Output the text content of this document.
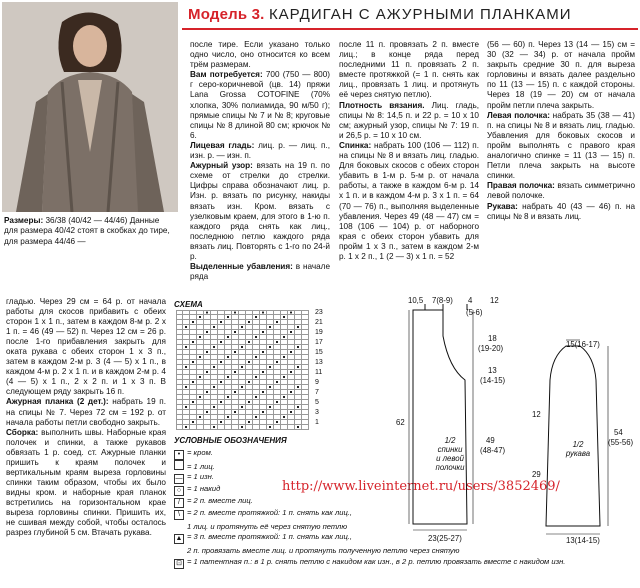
Модель 3. КАРДИГАН С АЖУРНЫМИ ПЛАНКАМИ
Размеры: 36/38 (40/42 — 44/46) Данные для размера 40/42 стоят в скобках до тире, для размера 44/46 —

после тире. Если указано только одно число, оно относится ко всем трём размерам.

Вам потребуется: 700 (750 — 800) г серо-коричневой (цв. 14) пряжи Lana Grossa COTOFINE (70% хлопка, 30% полиамида, 90 м/50 г); прямые спицы № 7 и № 8; круговые спицы № 8 длиной 80 см; крючок № 6.

Лицевая гладь: лиц. р. — лиц. п., изн. р. — изн. п.

Ажурный узор: вязать на 19 п. по схеме от стрелки до стрелки. Цифры справа обозначают лиц. р. Изн. р. вязать по рисунку, накиды вязать изн. Кром. вязать с узелковым краем, для этого в 1-ю п. каждого ряда снять как лиц., последнюю петлю каждого ряда вязать лиц. Повторять с 1-го по 24-й р.

Выделенные убавления: в начале ряда

после 11 п. провязать 2 п. вместе лиц.; в конце ряда перед последними 11 п. провязать 2 п. вместе протяжкой (= 1 п. снять как лиц., провязать 1 лиц. и протянуть её через снятую петлю).

Плотность вязания. Лиц. гладь, спицы № 8: 14,5 п. и 22 р. = 10 х 10 см; ажурный узор, спицы № 7: 19 п. и 26,5 р. = 10 х 10 см.

Спинка: набрать 100 (106 — 112) п. на спицы № 8 и вязать лиц. гладью. Для боковых скосов с обеих сторон убавить в 1-м р. 5-м р. от начала работы, а также в каждом 6-м р. 14 х 1 п. и в каждом 4-м р. 3 х 1 п. = 64 (70 — 76) п., выполняя выделенные убавления. Через 49 (48 — 47) см = 108 (106 — 104) р. от наборного края с обеих сторон убавить для пройм 1 х 3 п., затем в каждом 2-м р. 1 х 2 п., 1 (2 — 3) х 1 п. = 52

(56 — 60) п. Через 13 (14 — 15) см = 30 (32 — 34) р. от начала пройм закрыть средние 30 п. для выреза горловины и вязать далее раздельно по 11 (13 — 15) п. с каждой стороны. Через 18 (19 — 20) см от начала пройм петли плеча закрыть.

Левая полочка: набрать 35 (38 — 41) п. на спицы № 8 и вязать лиц. гладью. Убавления для боковых скосов и пройм выполнять с правого края аналогично спинке = 11 (13 — 15) п. Петли плеча закрыть на высоте спинки.

Правая полочка: вязать симметрично левой полочке.

Рукава: набрать 40 (43 — 46) п. на спицы № 8 и вязать лиц.

гладью. Через 29 см = 64 р. от начала работы для скосов прибавить с обеих сторон 1 х 1 п., затем в каждом 8-м р. 2 х 1 п. = 46 (49 — 52) п. Через 12 см = 26 р. после 1-го прибавления закрыть для оката рукава с обеих сторон 1 х 3 п., затем в каждом 2-м р. 3 (4 — 5) х 1 п., в каждом 4-м р. 2 х 1 п. и в каждом 2-м р. 4 (4 — 5) х 1 п., 2 х 2 п. и 1 х 3 п. В следующем ряду закрыть 16 п.

Ажурная планка (2 дет.): набрать 19 п. на спицы № 7. Через 72 см = 192 р. от начала работы петли свободно закрыть.

Сборка: выполнить швы. Наборные края полочек и спинки, а также рукавов обвязать 1 р. соед. ст. Ажурные планки пришить к краям полочек и вертикальным краям выреза горловины спинки таким образом, чтобы их было видны кром. и наборные края планок встретились на горизонтальном крае выреза горловины спинки. Пришить их, не сшивая между собой, чтобы осталось разрез глубиной 5 см. Втачать рукава.

СХЕМА
23
21
19
17
15
13
11
9
7
5
3
1
УСЛОВНЫЕ ОБОЗНАЧЕНИЯ
• = кром.
= 1 лиц.
— = 1 изн.
○ = 1 накид
/ = 2 п. вместе лиц.
\ = 2 п. вместе протяжкой: 1 п. снять как лиц.,
1 лиц. и протянуть её через снятую петлю
▲ = 3 п. вместе протяжкой: 1 п. снять как лиц.,
2 п. провязать вместе лиц. и протянуть полученную петлю через снятую
⊡ = 1 патентная п.: в 1 р. снять петлю с накидом как изн., в 2 р. петлю провязать вместе с накидом изн.
http://www.liveinternet.ru/users/3852469/
10,5 7(8-9) 4 12
(5-6)
18
(19-20)
13
(14-15)
62
49
(48-47)
23(25-27)
1/2
спинки
и левой
полочки
15(16-17)
54
(55-56)
12
29
13(14-15)
1/2
рукава
